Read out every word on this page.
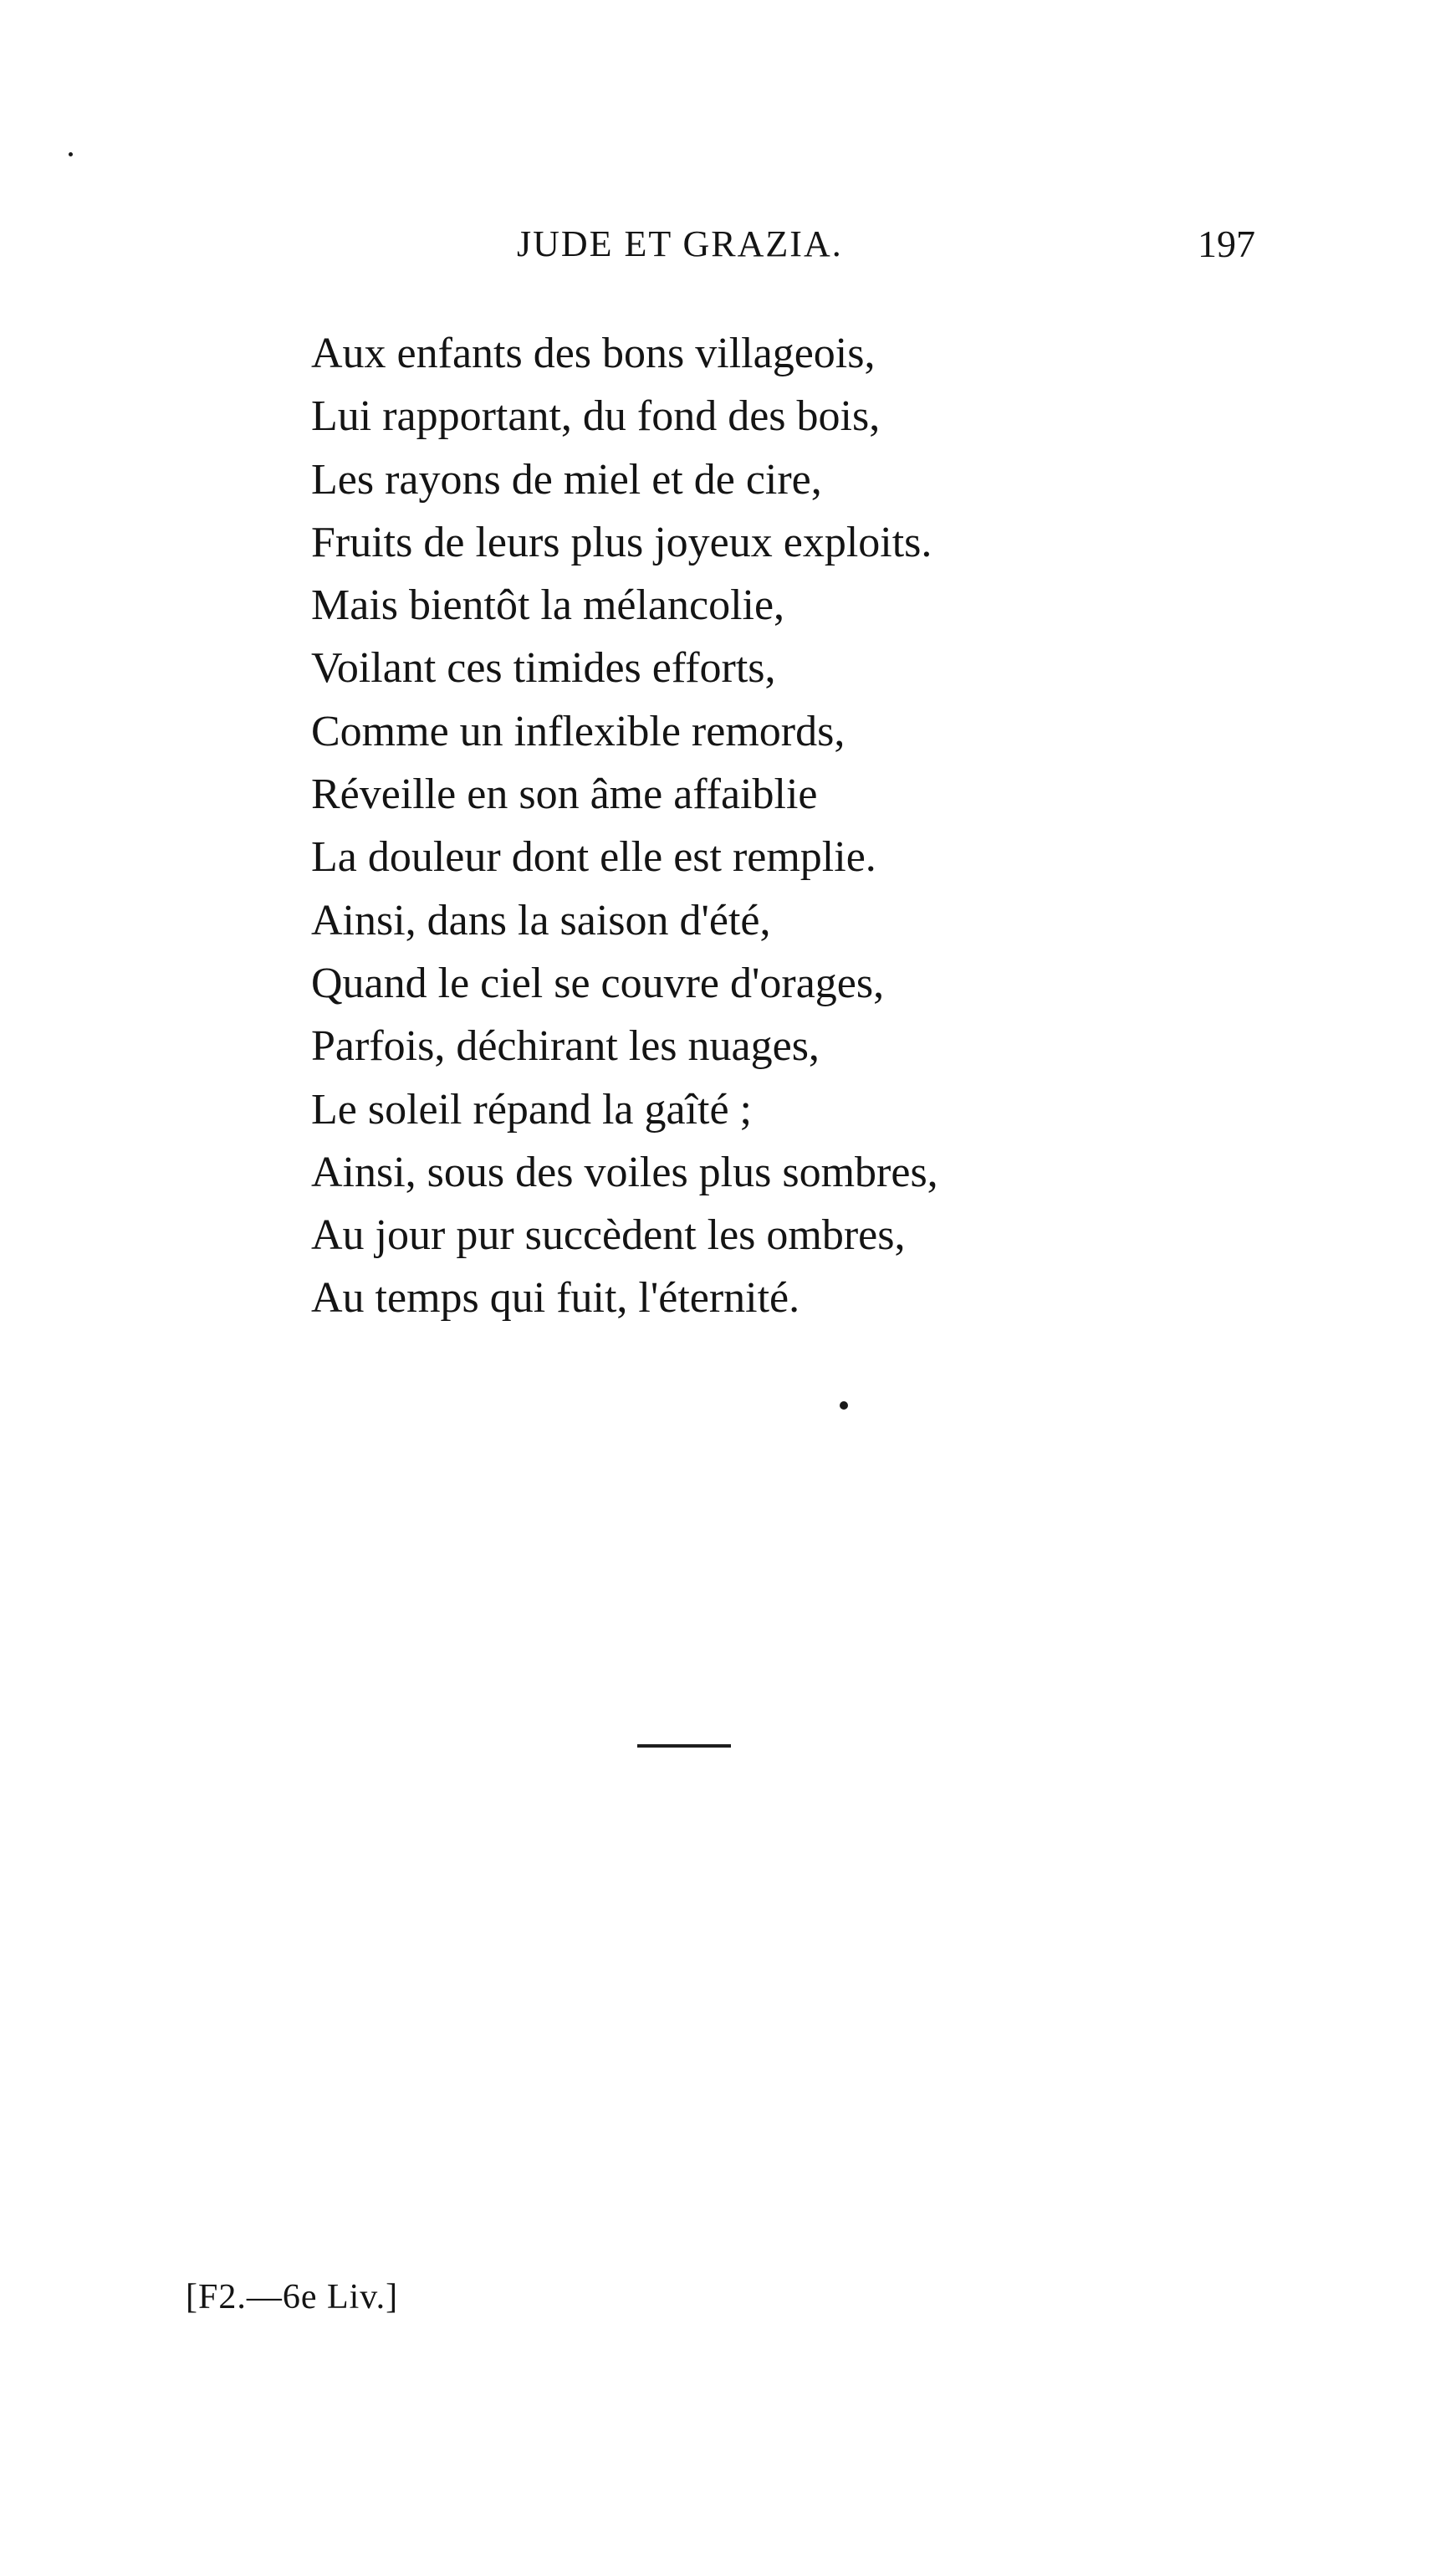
JUDE ET GRAZIA.	197
Aux enfants des bons villageois,
Lui rapportant, du fond des bois,
Les rayons de miel et de cire,
Fruits de leurs plus joyeux exploits.
Mais bientôt la mélancolie,
Voilant ces timides efforts,
Comme un inflexible remords,
Réveille en son âme affaiblie
La douleur dont elle est remplie.
Ainsi, dans la saison d'été,
Quand le ciel se couvre d'orages,
Parfois, déchirant les nuages,
Le soleil répand la gaîté ;
Ainsi, sous des voiles plus sombres,
Au jour pur succèdent les ombres,
Au temps qui fuit, l'éternité.
[F2.—6e Liv.]
